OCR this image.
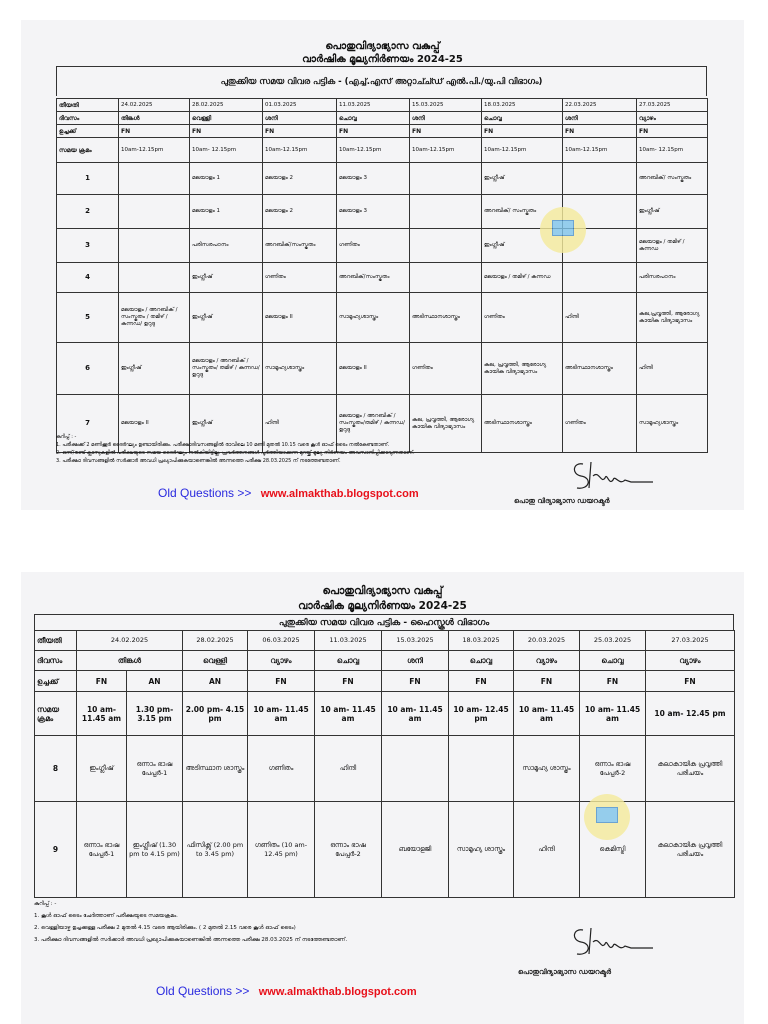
പൊതുവിദ്യാഭ്യാസ വകുപ്പ്
വാർഷിക മൂല്യനിർണയം 2024-25
പുതുക്കിയ സമയ വിവര പട്ടിക - (എച്ച്.എസ് അറ്റാച്ച്ഡ് എൽ.പി./യു.പി വിഭാഗം)
തീയതി	24.02.2025	28.02.2025	01.03.2025	11.03.2025	15.03.2025	18.03.2025	22.03.2025	27.03.2025
ദിവസം	തിങ്കൾ	വെള്ളി	ശനി	ചൊവ്വ	ശനി	ചൊവ്വ	ശനി	വ്യാഴം
ഉച്ചക്ക്	FN	FN	FN	FN	FN	FN	FN	FN
സമയ ക്രമം	10am-12.15pm	10am- 12.15pm	10am-12.15pm	10am-12.15pm	10am-12.15pm	10am-12.15pm	10am-12.15pm	10am- 12.15pm
1		മലയാളം 1	മലയാളം 2	മലയാളം 3		ഇംഗ്ലീഷ്		അറബിക്/ സംസ്കൃതം
2		മലയാളം 1	മലയാളം 2	മലയാളം 3		അറബിക്/ സംസ്കൃതം		ഇംഗ്ലീഷ്
3		പരിസരപഠനം	അറബിക്/സംസ്കൃതം	ഗണിതം		ഇംഗ്ലീഷ്		മലയാളം / തമിഴ് / കന്നഡ
4		ഇംഗ്ലീഷ്	ഗണിതം	അറബിക്/സംസ്കൃതം		മലയാളം / തമിഴ് / കന്നഡ		പരിസരപഠനം
5	മലയാളം / അറബിക് /സംസ്കൃതം / തമിഴ് / കന്നഡ/ ഉറുദു	ഇംഗ്ലീഷ്	മലയാളം II	സാമൂഹ്യശാസ്ത്രം	അടിസ്ഥാനശാസ്ത്രം	ഗണിതം	ഹിന്ദി	കല,പ്രവൃത്തി, ആരോഗ്യ കായിക വിദ്യാഭ്യാസം
6	ഇംഗ്ലീഷ്	മലയാളം / അറബിക് /സംസ്കൃതം/ തമിഴ് / കന്നഡ/ ഉറുദു	സാമൂഹ്യശാസ്ത്രം	മലയാളം II	ഗണിതം	കല, പ്രവൃത്തി, ആരോഗ്യ കായിക വിദ്യാഭ്യാസം	അടിസ്ഥാനശാസ്ത്രം	ഹിന്ദി
7	മലയാളം II	ഇംഗ്ലീഷ്	ഹിന്ദി	മലയാളം / അറബിക് /സംസ്കൃതം/തമിഴ് / കന്നഡ/ ഉറുദു	കല, പ്രവൃത്തി, ആരോഗ്യ കായിക വിദ്യാഭ്യാസം	അടിസ്ഥാനശാസ്ത്രം	ഗണിതം	സാമൂഹ്യശാസ്ത്രം
കുറിപ്പ് : -
1. പരീക്ഷക്ക് 2 മണിക്കൂർ ദൈർഘ്യം ഉണ്ടായിരിക്കും. പരീക്ഷാദിവസങ്ങളിൽ രാവിലെ 10 മണി മുതൽ 10.15 വരെ കൂൾ ഓഫ് ടൈം നൽകേണ്ടതാണ്.
2. ഒന്ന്/രണ്ട് ക്ലാസുകളിൽ പരീക്ഷയുടെ സമയ ദൈർഘ്യം നൽകിയിട്ടില്ല. പ്രവർത്തനങ്ങൾ പൂർത്തിയാക്കുന്ന മുറയ്ക്ക് മൂല്യ നിർണയം അവസാനിപ്പിക്കാവുന്നതാണ്.
3. പരീക്ഷാ ദിവസങ്ങളിൽ സർക്കാർ അവധി പ്രഖ്യാപിക്കുകയാണെങ്കിൽ അന്നത്തെ പരീക്ഷ 28.03.2025 ന് നടത്തേണ്ടതാണ്.
പൊതു വിദ്യാഭ്യാസ ഡയറക്ടർ
Old Questions >> www.almakthab.blogspot.com
പൊതുവിദ്യാഭ്യാസ വകുപ്പ്
വാർഷിക മൂല്യനിർണയം 2024-25
പുതുക്കിയ സമയ വിവര പട്ടിക - ഹൈസ്കൂൾ വിഭാഗം
തീയതി	24.02.2025		28.02.2025	06.03.2025	11.03.2025	15.03.2025	18.03.2025	20.03.2025	25.03.2025	27.03.2025
ദിവസം	തിങ്കൾ		വെള്ളി	വ്യാഴം	ചൊവ്വ	ശനി	ചൊവ്വ	വ്യാഴം	ചൊവ്വ	വ്യാഴം
ഉച്ചക്ക്	FN	AN	AN	FN	FN	FN	FN	FN	FN	FN
സമയ ക്രമം	10 am- 11.45 am	1.30 pm- 3.15 pm	2.00 pm- 4.15 pm	10 am- 11.45 am	10 am- 11.45 am	10 am- 11.45 am	10 am- 12.45 pm	10 am- 11.45 am	10 am- 11.45 am	10 am- 12.45 pm
8	ഇംഗ്ലീഷ്	ഒന്നാം ഭാഷ പേപ്പർ-1	അടിസ്ഥാന ശാസ്ത്രം	ഗണിതം	ഹിന്ദി			സാമൂഹ്യ ശാസ്ത്രം	ഒന്നാം ഭാഷ പേപ്പർ-2	കലാകായിക പ്രവൃത്തി പരിചയം
9	ഒന്നാം ഭാഷ പേപ്പർ-1	ഇംഗ്ലീഷ് (1.30 pm to 4.15 pm)	ഫിസിക്സ് (2.00 pm to 3.45 pm)	ഗണിതം (10 am- 12.45 pm)	ഒന്നാം ഭാഷ പേപ്പർ-2	ബയോളജി	സാമൂഹ്യ ശാസ്ത്രം	ഹിന്ദി	കെമിസ്ട്രി	കലാകായിക പ്രവൃത്തി പരിചയം
കുറിപ്പ് : -
1. കൂൾ ഓഫ് ടൈം ചേർത്താണ് പരീക്ഷയുടെ സമയക്രമം.
2. വെള്ളിയാഴ്ച ഉച്ചക്കുള്ള പരീക്ഷ 2 മുതൽ 4.15 വരെ ആയിരിക്കും. ( 2 മുതൽ 2.15 വരെ കൂൾ ഓഫ് ടൈം)
3. പരീക്ഷാ ദിവസങ്ങളിൽ സർക്കാർ അവധി പ്രഖ്യാപിക്കുകയാണെങ്കിൽ അന്നത്തെ പരീക്ഷ 28.03.2025 ന് നടത്തേണ്ടതാണ്.
പൊതുവിദ്യാഭ്യാസ ഡയറക്ടർ
Old Questions >> www.almakthab.blogspot.com
